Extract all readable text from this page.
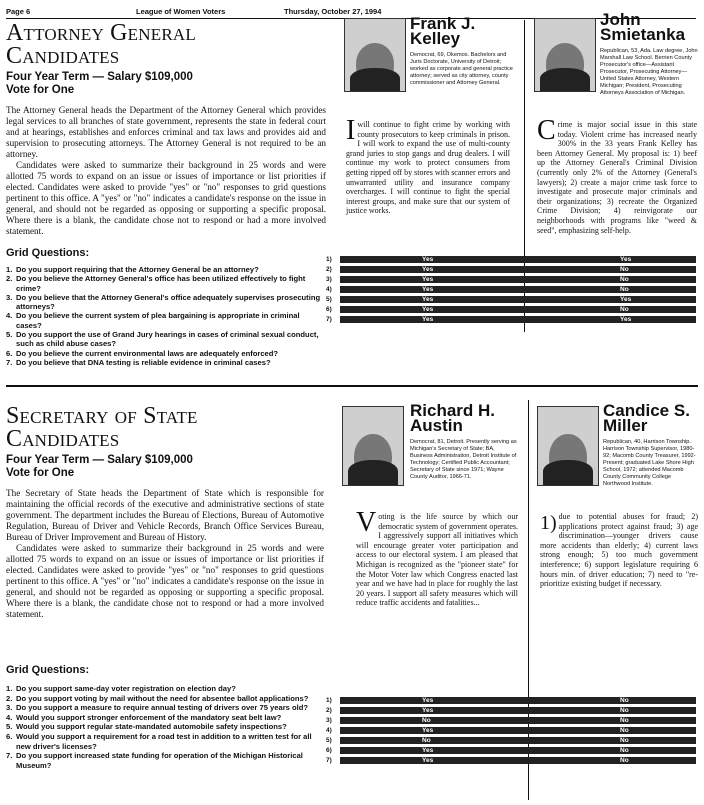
Page 6	League of Women Voters	Thursday, October 27, 1994
Attorney General
Candidates
Four Year Term — Salary $109,000
Vote for One
The Attorney General heads the Department of the Attorney General which provides legal services to all branches of state government, represents the state in federal court and at hearings, establishes and enforces criminal and tax laws and provides aid and supervision to prosecuting attorneys. The Attorney General is not required to be an attorney.
Candidates were asked to summarize their background in 25 words and were allotted 75 words to expand on an issue or issues of importance or list priorities if elected. Candidates were asked to provide "yes" or "no" responses to grid questions pertinent to this office. A "yes" or "no" indicates a candidate's response on the issue in general, and should not be regarded as opposing or supporting a specific proposal. Where there is a blank, the candidate chose not to respond or had a more involved statement.
Grid Questions:
1. Do you support requiring that the Attorney General be an attorney?
2. Do you believe the Attorney General's office has been utilized effectively to fight crime?
3. Do you believe that the Attorney General's office adequately supervises prosecuting attorneys?
4. Do you believe the current system of plea bargaining is appropriate in criminal cases?
5. Do you support the use of Grand Jury hearings in cases of criminal sexual conduct, such as child abuse cases?
6. Do you believe the current environmental laws are adequately enforced?
7. Do you believe that DNA testing is reliable evidence in criminal cases?
Frank J.
Kelley
Democrat, 69, Okemos. Bachelors and Juris Doctorate, University of Detroit; worked as corporate and general practice attorney; served as city attorney, county commissioner and Attorney General.
Iwill continue to fight crime by working with county prosecutors to keep criminals in prison. I will work to expand the use of multi-county grand juries to stop gangs and drug dealers. I will continue my work to protect consumers from getting ripped off by stores with scanner errors and unwarranted utility and insurance company overcharges. I will continue to fight the special interest groups, and make sure that our system of justice works.
John
Smietanka
Republican, 53, Ada. Law degree, John Marshall Law School. Berrien County Prosecutor's office—Assistant Prosecutor, Prosecuting Attorney—United States Attorney, Western Michigan; President, Prosecuting Attorneys Association of Michigan.
Crime is major social issue in this state today. Violent crime has increased nearly 300% in the 33 years Frank Kelley has been Attorney General. My proposal is: 1) beef up the Attorney General's Criminal Division (currently only 2% of the Attorney (General's lawyers); 2) create a major crime task force to investigate and prosecute major criminals and their organizations; 3) recreate the Organized Crime Division; 4) reinvigorate our neighborhoods with programs like "weed & seed", emphasizing self-help.
1)	Yes	Yes
2)	Yes	No
3)	Yes	No
4)	Yes	No
5)	Yes	Yes
6)	Yes	No
7)	Yes	Yes
Secretary of State
Candidates
Four Year Term — Salary $109,000
Vote for One
The Secretary of State heads the Department of State which is responsible for maintaining the official records of the executive and administrative sections of state government. The department includes the Bureau of Elections, Bureau of Automotive Regulation, Bureau of Driver and Vehicle Records, Branch Office Services Bureau, Bureau of Driver Improvement and Bureau of History.
Candidates were asked to summarize their background in 25 words and were allotted 75 words to expand on an issue or issues of importance or list priorities if elected. Candidates were asked to provide "yes" or "no" responses to grid questions pertinent to this office. A "yes" or "no" indicates a candidate's response on the issue in general, and should not be regarded as opposing or supporting a specific proposal. Where there is a blank, the candidate chose not to respond or had a more involved statement.
Grid Questions:
1. Do you support same-day voter registration on election day?
2. Do you support voting by mail without the need for absentee ballot applications?
3. Do you support a measure to require annual testing of drivers over 75 years old?
4. Would you support stronger enforcement of the mandatory seat belt law?
5. Would you support regular state-mandated automobile safety inspections?
6. Would you support a requirement for a road test in addition to a written test for all new driver's licenses?
7. Do you support increased state funding for operation of the Michigan Historical Museum?
Richard H.
Austin
Democrat, 81, Detroit. Presently serving as Michigan's Secretary of State; BA, Business Administration, Detroit Institute of Technology; Certified Public Accountant; Secretary of State since 1971; Wayne County Auditor, 1966-71.
Voting is the life source by which our democratic system of government operates. I aggressively support all initiatives which will encourage greater voter participation and access to our electoral system. I am pleased that Michigan is recognized as the "pioneer state" for the Motor Voter law which Congress enacted last year and we have had in place for roughly the last 20 years. I support all safety measures which will reduce traffic accidents and fatalities...
Candice S.
Miller
Republican, 40, Harrison Township. Harrison Township Supervisor, 1980-92; Macomb County Treasurer, 1992-Present; graduated Lake Shore High School, 1972; attended Macomb County Community College Northwood Institute.
1) due to potential abuses for fraud; 2) applications protect against fraud; 3) age discrimination—younger drivers cause more accidents than elderly; 4) current laws strong enough; 5) too much government interference; 6) support legislature requiring 6 hours min. of driver education; 7) need to "re-prioritize existing budget if necessary.
1)	Yes	No
2)	Yes	No
3)	No	No
4)	Yes	No
5)	No	No
6)	Yes	No
7)	Yes	No
